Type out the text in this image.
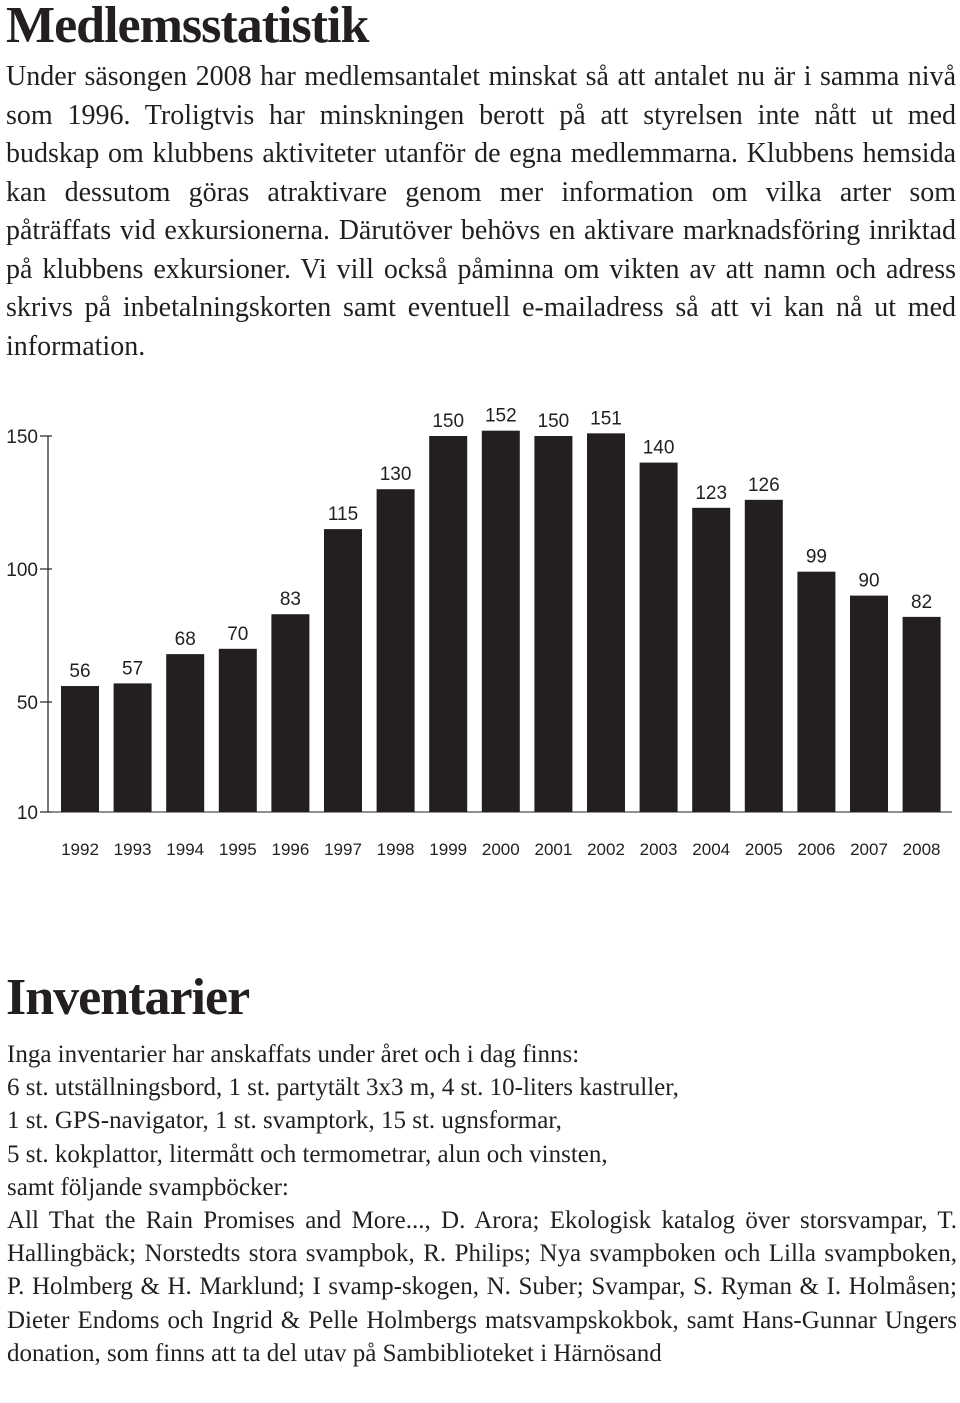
Medlemsstatistik

Under säsongen 2008 har medlemsantalet minskat så att antalet nu är i samma nivå som 1996. Troligtvis har minskningen berott på att styrelsen inte nått ut med budskap om klubbens aktiviteter utanför de egna medlemmarna. Klubbens hemsida kan dessutom göras atraktivare genom mer information om vilka arter som påträffats vid exkursionerna. Därutöver behövs en aktivare marknadsföring inriktad på klubbens exkursioner. Vi vill också påminna om vikten av att namn och adress skrivs på inbetalningskorten samt eventuell e-mailadress så att vi kan nå ut med information.

10
50
100
150
56 57
68 70
83
115
130
150 152 150 151
140
123 126
99
90
82
1992 1993 1994 1995 1996 1997 1998 1999 2000 2001 2002 2003 2004 2005 2006 2007 2008
Inventarier
Inga inventarier har anskaffats under året och i dag finns:
6 st. utställningsbord, 1 st. partytält 3x3 m, 4 st. 10-liters kastruller,
1 st. GPS-navigator, 1 st. svamptork, 15 st. ugnsformar,
5 st. kokplattor, litermått och termometrar, alun och vinsten,
samt följande svampböcker:
All That the Rain Promises and More..., D. Arora; Ekologisk katalog över storsvampar, T. Hallingbäck; Norstedts stora svampbok, R. Philips; Nya svampboken och Lilla svampboken, P. Holmberg & H. Marklund; I svamp-skogen, N. Suber; Svampar, S. Ryman & I. Holmåsen; Dieter Endoms och Ingrid & Pelle Holmbergs matsvampskokbok, samt Hans-Gunnar Ungers donation, som finns att ta del utav på Sambiblioteket i Härnösand
